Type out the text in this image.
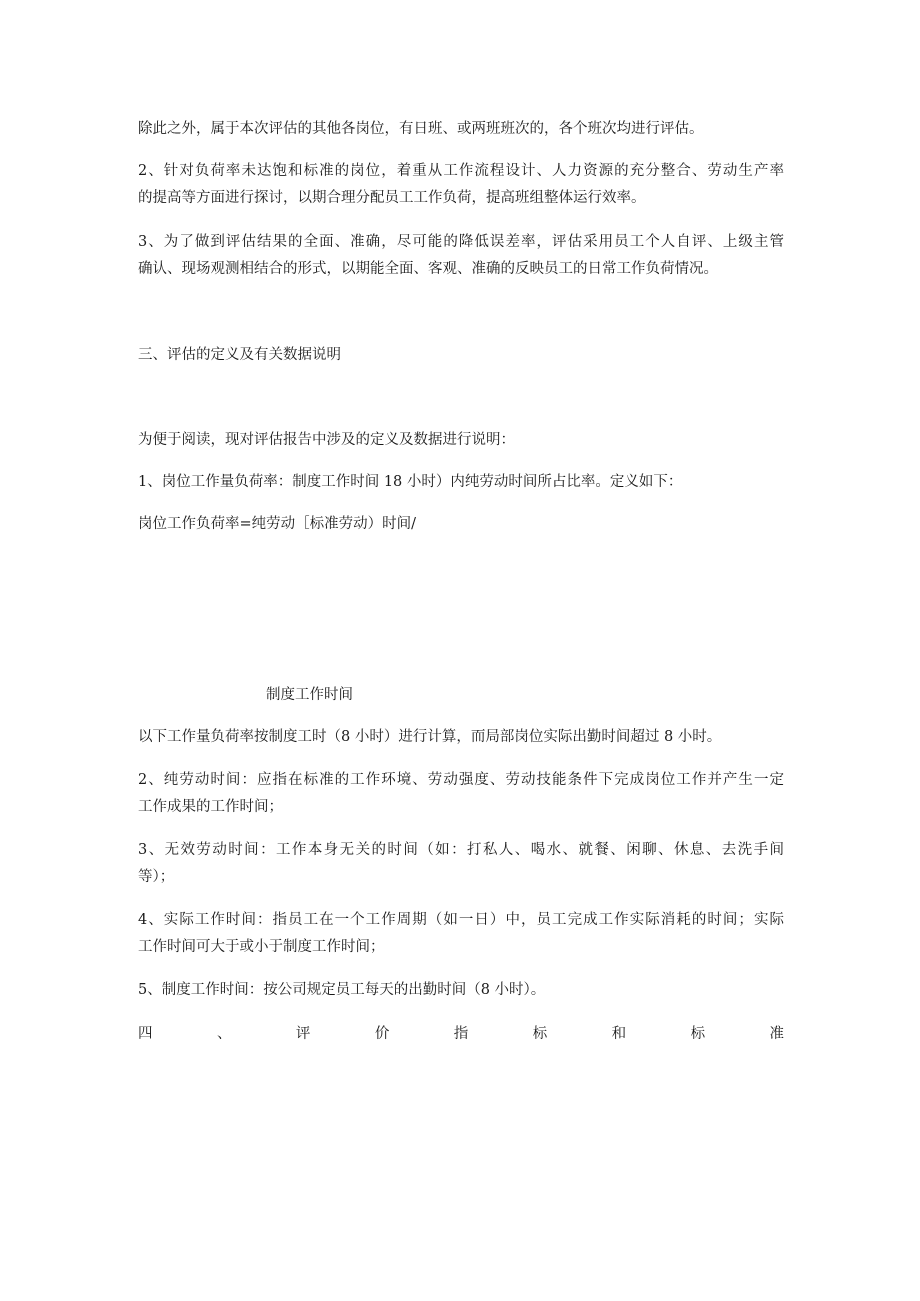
除此之外，属于本次评估的其他各岗位，有日班、或两班班次的，各个班次均进行评估。
2、针对负荷率未达饱和标准的岗位，着重从工作流程设计、人力资源的充分整合、劳动生产率
的提高等方面进行探讨，以期合理分配员工工作负荷，提高班组整体运行效率。
3、为了做到评估结果的全面、准确，尽可能的降低误差率，评估采用员工个人自评、上级主管
确认、现场观测相结合的形式，以期能全面、客观、准确的反映员工的日常工作负荷情况。
三、评估的定义及有关数据说明
为便于阅读，现对评估报告中涉及的定义及数据进行说明：
1、岗位工作量负荷率：制度工作时间 18 小时）内纯劳动时间所占比率。定义如下：
岗位工作负荷率=纯劳动［标准劳动）时间/
制度工作时间
以下工作量负荷率按制度工时（8 小时）进行计算，而局部岗位实际出勤时间超过 8 小时。
2、纯劳动时间：应指在标准的工作环境、劳动强度、劳动技能条件下完成岗位工作并产生一定
工作成果的工作时间；
3、无效劳动时间：工作本身无关的时间（如：打私人、喝水、就餐、闲聊、休息、去洗手间
等）；
4、实际工作时间：指员工在一个工作周期（如一日）中，员工完成工作实际消耗的时间；实际
工作时间可大于或小于制度工作时间；
5、制度工作时间：按公司规定员工每天的出勤时间（8 小时）。
四	、	评	价	指	标	和	标	准
